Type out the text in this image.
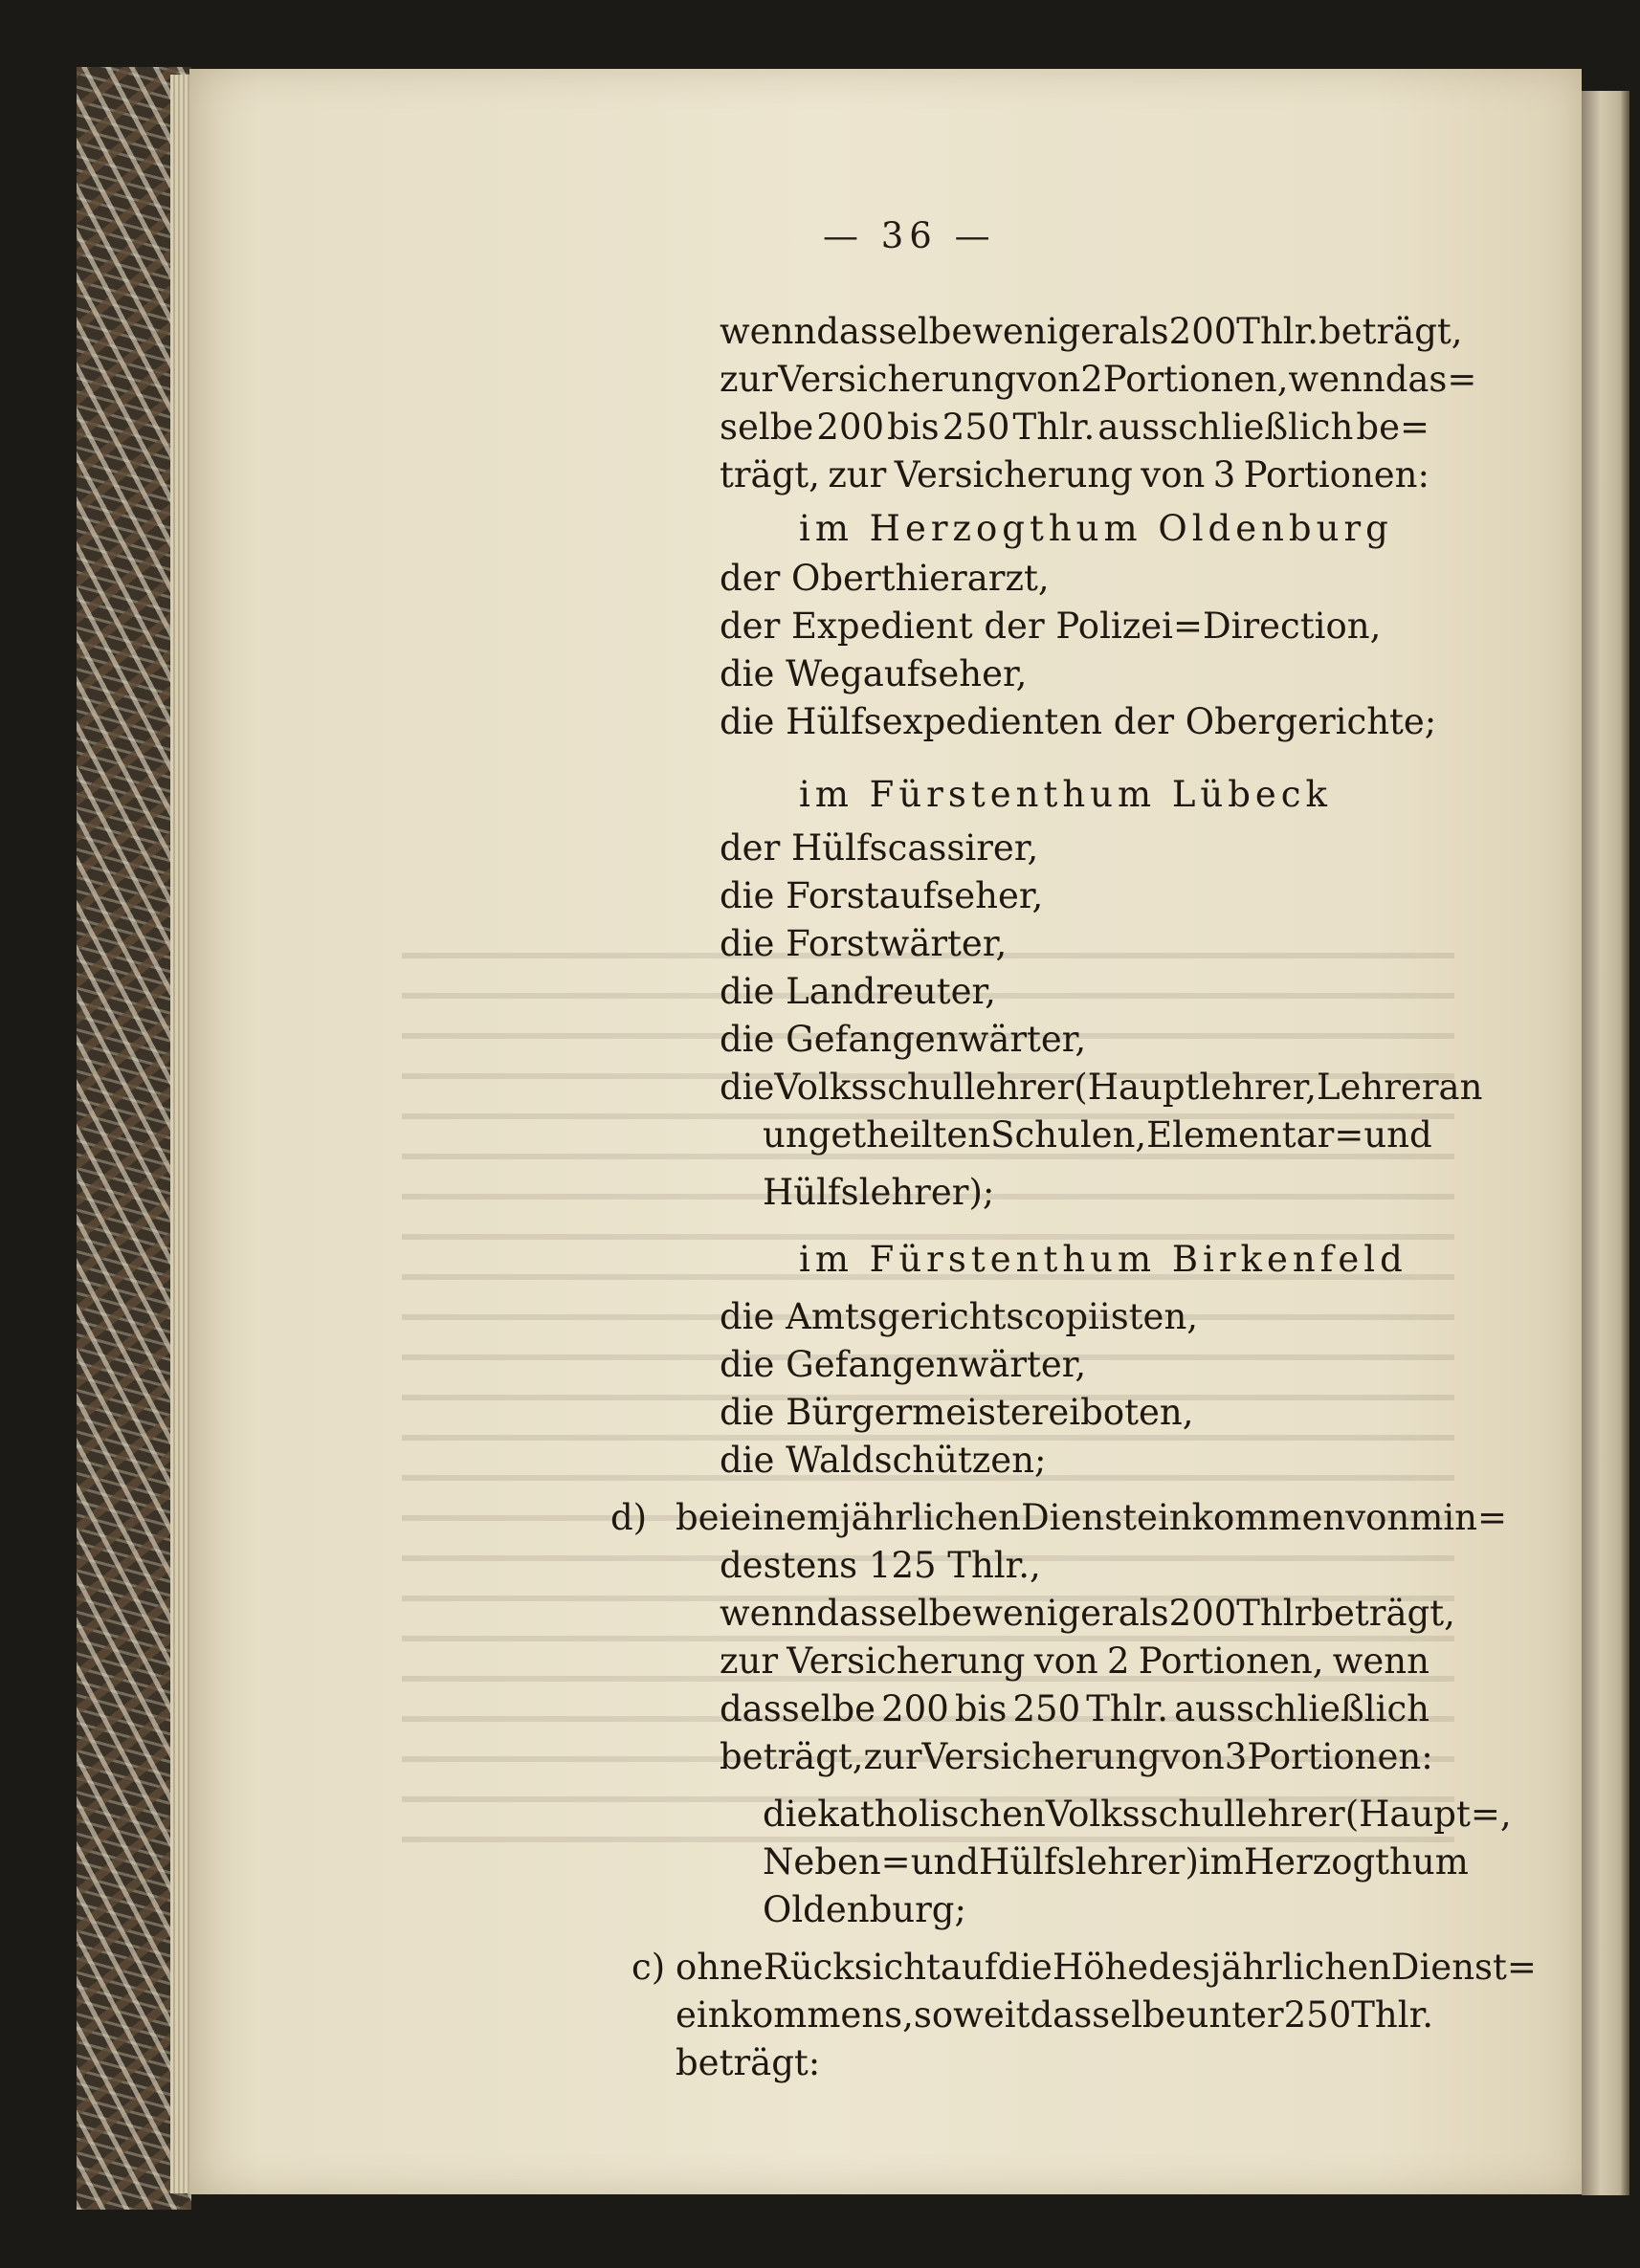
— 36 —
wenn dasselbe weniger als 200 Thlr. beträgt,
zur Versicherung von 2 Portionen, wenn das=
selbe 200 bis 250 Thlr. ausschließlich be=
trägt, zur Versicherung von 3 Portionen:
im Herzogthum Oldenburg
der Oberthierarzt,
der Expedient der Polizei=Direction,
die Wegaufseher,
die Hülfsexpedienten der Obergerichte;
im Fürstenthum Lübeck
der Hülfscassirer,
die Forstaufseher,
die Forstwärter,
die Landreuter,
die Gefangenwärter,
die Volksschullehrer (Hauptlehrer, Lehrer an
ungetheilten Schulen, Elementar= und
Hülfslehrer);
im Fürstenthum Birkenfeld
die Amtsgerichtscopiisten,
die Gefangenwärter,
die Bürgermeistereiboten,
die Waldschützen;
d) bei einem jährlichen Diensteinkommen von min=
destens 125 Thlr.,
wenn dasselbe weniger als 200 Thlr beträgt,
zur Versicherung von 2 Portionen, wenn
dasselbe 200 bis 250 Thlr. ausschließlich
beträgt, zur Versicherung von 3 Portionen:
die katholischen Volksschullehrer (Haupt=,
Neben= und Hülfslehrer) im Herzogthum
Oldenburg;
c) ohne Rücksicht auf die Höhe des jährlichen Dienst=
einkommens, soweit dasselbe unter 250 Thlr.
beträgt:
